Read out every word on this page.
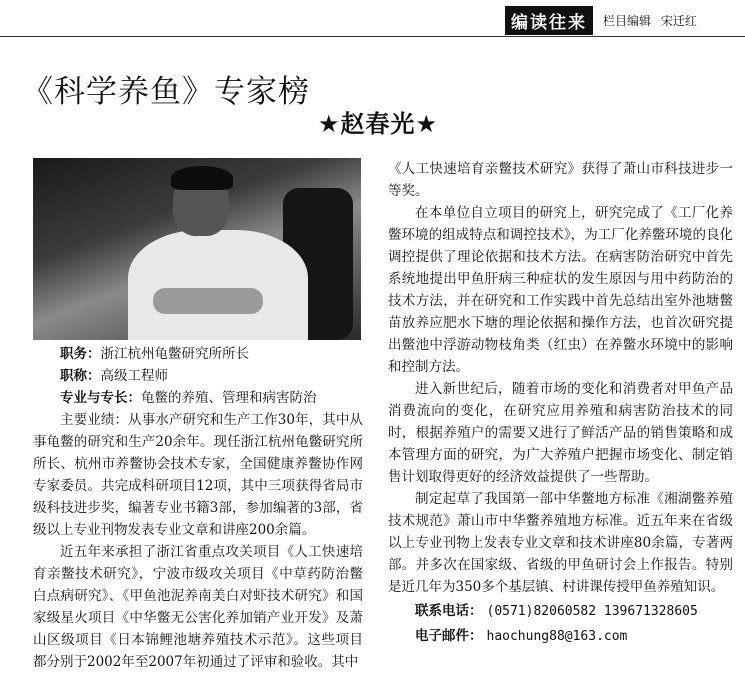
编读往来 栏目编辑 宋迁红
《科学养鱼》专家榜
★赵春光★

职务：浙江杭州龟鳖研究所所长

职称：高级工程师

专业与专长：龟鳖的养殖、管理和病害防治

主要业绩：从事水产研究和生产工作30年，其中从事龟鳖的研究和生产20余年。现任浙江杭州龟鳖研究所所长、杭州市养鳖协会技术专家，全国健康养鳖协作网专家委员。共完成科研项目12项，其中三项获得省局市级科技进步奖，编著专业书籍3部，参加编著的3部，省级以上专业刊物发表专业文章和讲座200余篇。

近五年来承担了浙江省重点攻关项目《人工快速培育亲鳖技术研究》，宁波市级攻关项目《中草药防治鳖白点病研究》、《甲鱼池泥养南美白对虾技术研究》和国家级星火项目《中华鳖无公害化养加销产业开发》及萧山区级项目《日本锦鲤池塘养殖技术示范》。这些项目都分别于2002年至2007年初通过了评审和验收。其中

《人工快速培育亲鳖技术研究》获得了萧山市科技进步一等奖。

在本单位自立项目的研究上，研究完成了《工厂化养鳖环境的组成特点和调控技术》，为工厂化养鳖环境的良化调控提供了理论依据和技术方法。在病害防治研究中首先系统地提出甲鱼肝病三种症状的发生原因与用中药防治的技术方法，并在研究和工作实践中首先总结出室外池塘鳖苗放养应肥水下塘的理论依据和操作方法，也首次研究提出鳖池中浮游动物枝角类（红虫）在养鳖水环境中的影响和控制方法。

进入新世纪后，随着市场的变化和消费者对甲鱼产品消费流向的变化，在研究应用养殖和病害防治技术的同时，根据养殖户的需要又进行了鲜活产品的销售策略和成本管理方面的研究，为广大养殖户把握市场变化、制定销售计划取得更好的经济效益提供了一些帮助。

制定起草了我国第一部中华鳖地方标准《湘湖鳖养殖技术规范》萧山市中华鳖养殖地方标准。近五年来在省级以上专业刊物上发表专业文章和技术讲座80余篇，专著两部。并多次在国家级、省级的甲鱼研讨会上作报告。特别是近几年为350多个基层镇、村讲课传授甲鱼养殖知识。

联系电话： (0571)82060582 13967132860​5
电子邮件： haochung88@163.com
